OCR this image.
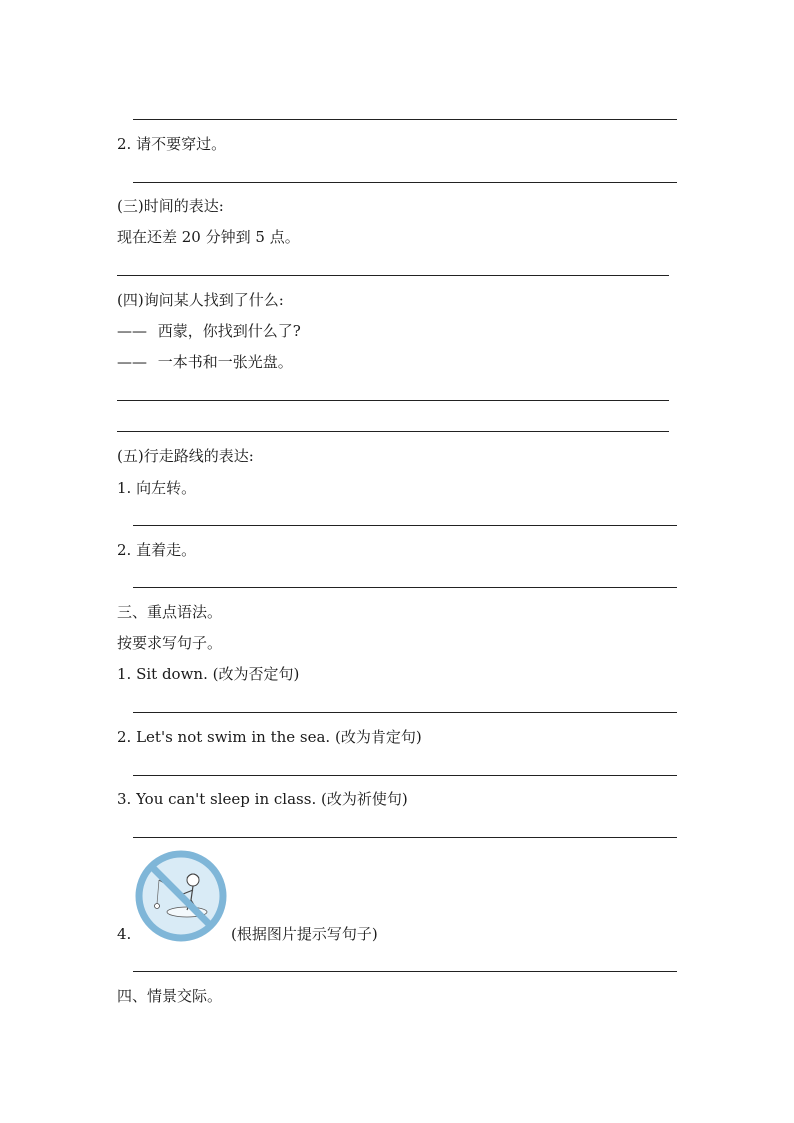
2. 请不要穿过。
(三)时间的表达:
现在还差 20 分钟到 5 点。
(四)询问某人找到了什么:
—— 西蒙，你找到什么了?
—— 一本书和一张光盘。
(五)行走路线的表达:
1. 向左转。
2. 直着走。
三、重点语法。
按要求写句子。
1. Sit down. (改为否定句)
2. Let's not swim in the sea. (改为肯定句)
3. You can't sleep in class. (改为祈使句)
4.	(根据图片提示写句子)
四、情景交际。
